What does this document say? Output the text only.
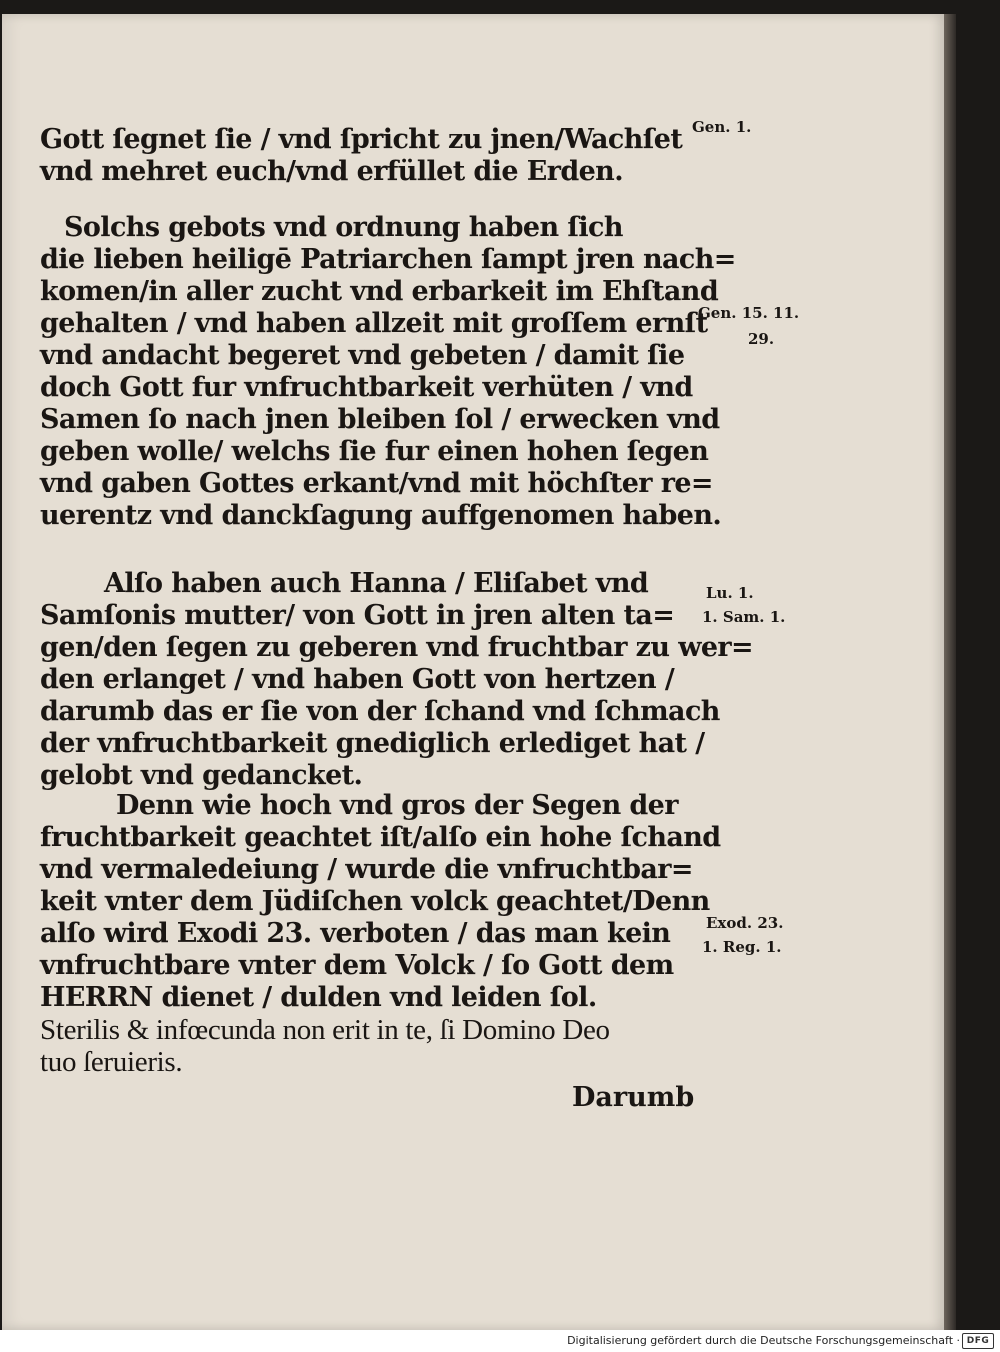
Gott ſegnet ſie / vnd ſpricht zu jnen/Wachſet
vnd mehret euch/vnd erfüllet die Erden.
Solchs gebots vnd ordnung haben ſich
die lieben heiligē Patriarchen ſampt jren nach=
komen/in aller zucht vnd erbarkeit im Ehſtand
gehalten / vnd haben allzeit mit groſſem ernſt
vnd andacht begeret vnd gebeten / damit ſie
doch Gott fur vnfruchtbarkeit verhüten / vnd
Samen ſo nach jnen bleiben ſol / erwecken vnd
geben wolle/ welchs ſie fur einen hohen ſegen
vnd gaben Gottes erkant/vnd mit höchſter re=
uerentz vnd danckſagung auffgenomen haben.
Alſo haben auch Hanna / Eliſabet vnd
Samſonis mutter/ von Gott in jren alten ta=
gen/den ſegen zu geberen vnd fruchtbar zu wer=
den erlanget / vnd haben Gott von hertzen /
darumb das er ſie von der ſchand vnd ſchmach
der vnfruchtbarkeit gnediglich erlediget hat /
gelobt vnd gedancket.
Denn wie hoch vnd gros der Segen der
fruchtbarkeit geachtet iſt/alſo ein hohe ſchand
vnd vermaledeiung / wurde die vnfruchtbar=
keit vnter dem Jüdiſchen volck geachtet/Denn
alſo wird Exodi 23. verboten / das man kein
vnfruchtbare vnter dem Volck / ſo Gott dem
HERRN dienet / dulden vnd leiden ſol.
Sterilis & infœcunda non erit in te, ſi Domino Deo
tuo ſeruieris.
Darumb
Gen. 1.
Gen. 15. 11.
29.
Lu. 1.
1. Sam. 1.
Exod. 23.
1. Reg. 1.
Digitalisierung gefördert durch die Deutsche Forschungsgemeinschaft · DFG
